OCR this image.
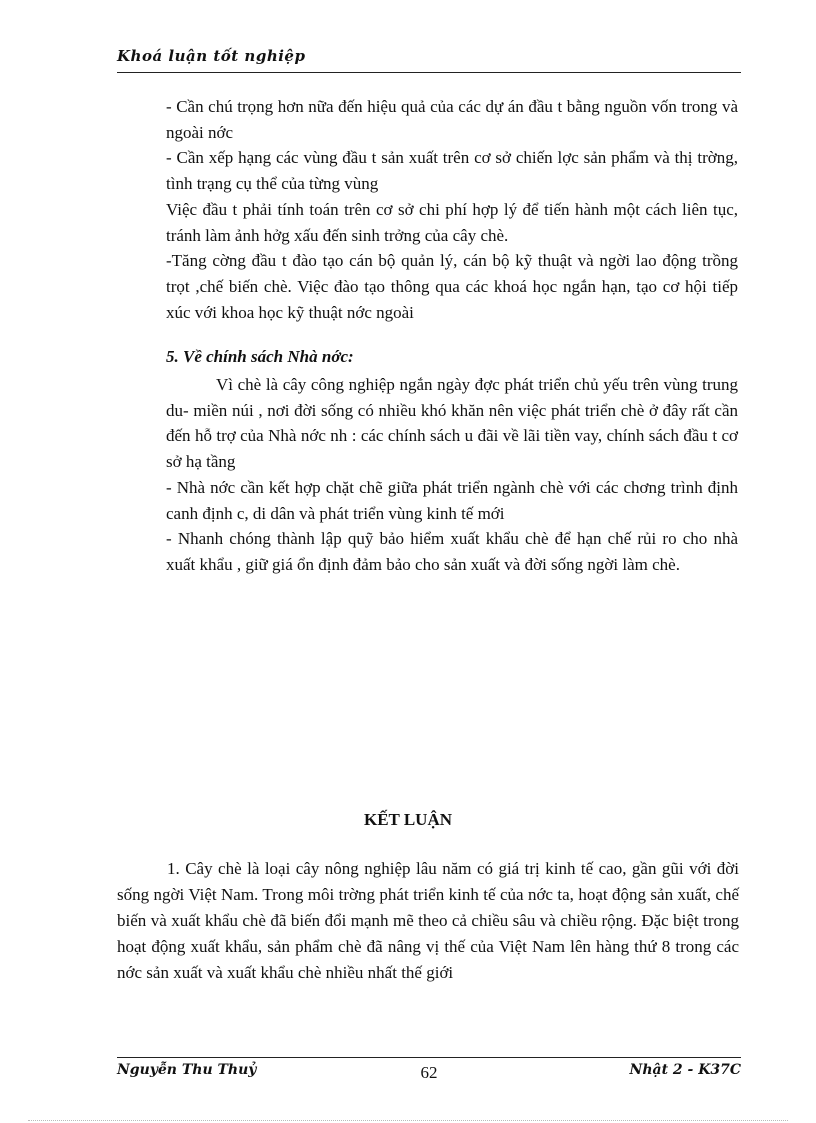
Khoá luận tốt nghiệp

- Cần chú trọng hơn nữa đến hiệu quả của các dự án đầu t bằng nguồn vốn trong và ngoài nớc

- Cần xếp hạng các vùng đầu t sản xuất trên cơ sở chiến lợc sản phẩm và thị trờng, tình trạng cụ thể của từng vùng

Việc đầu t phải tính toán trên cơ sở chi phí hợp lý để tiến hành một cách liên tục, tránh làm ảnh hởg xấu đến sinh trởng của cây chè.

-Tăng cờng đầu t đào tạo cán bộ quản lý, cán bộ kỹ thuật và ngời lao động trồng trọt ,chế biến chè. Việc đào tạo thông qua các khoá học ngắn hạn, tạo cơ hội tiếp xúc với khoa học kỹ thuật nớc ngoài

5. Về chính sách Nhà nớc:

Vì chè là cây công nghiệp ngắn ngày đợc phát triển chủ yếu trên vùng trung du- miền núi , nơi đời sống có nhiều khó khăn nên việc phát triển chè ở đây rất cần đến hỗ trợ của Nhà nớc nh : các chính sách u đãi về lãi tiền vay, chính sách đầu t cơ sở hạ tầng

- Nhà nớc cần kết hợp chặt chẽ giữa phát triển ngành chè với các chơng trình định canh định c, di dân và phát triển vùng kinh tế mới

- Nhanh chóng thành lập quỹ bảo hiểm xuất khẩu chè để hạn chế rủi ro cho nhà xuất khẩu , giữ giá ổn định đảm bảo cho sản xuất và đời sống ngời làm chè.

KẾT LUẬN

1. Cây chè là loại cây nông nghiệp lâu năm có giá trị kinh tế cao, gần gũi với đời sống ngời Việt Nam. Trong môi trờng phát triển kinh tế của nớc ta, hoạt động sản xuất, chế biến và xuất khẩu chè đã biến đổi mạnh mẽ theo cả chiều sâu và chiều rộng. Đặc biệt trong hoạt động xuất khẩu, sản phẩm chè đã nâng vị thế của Việt Nam lên hàng thứ 8 trong các nớc sản xuất và xuất khẩu chè nhiều nhất thế giới

Nguyễn Thu Thuỷ	62	Nhật 2 - K37C
